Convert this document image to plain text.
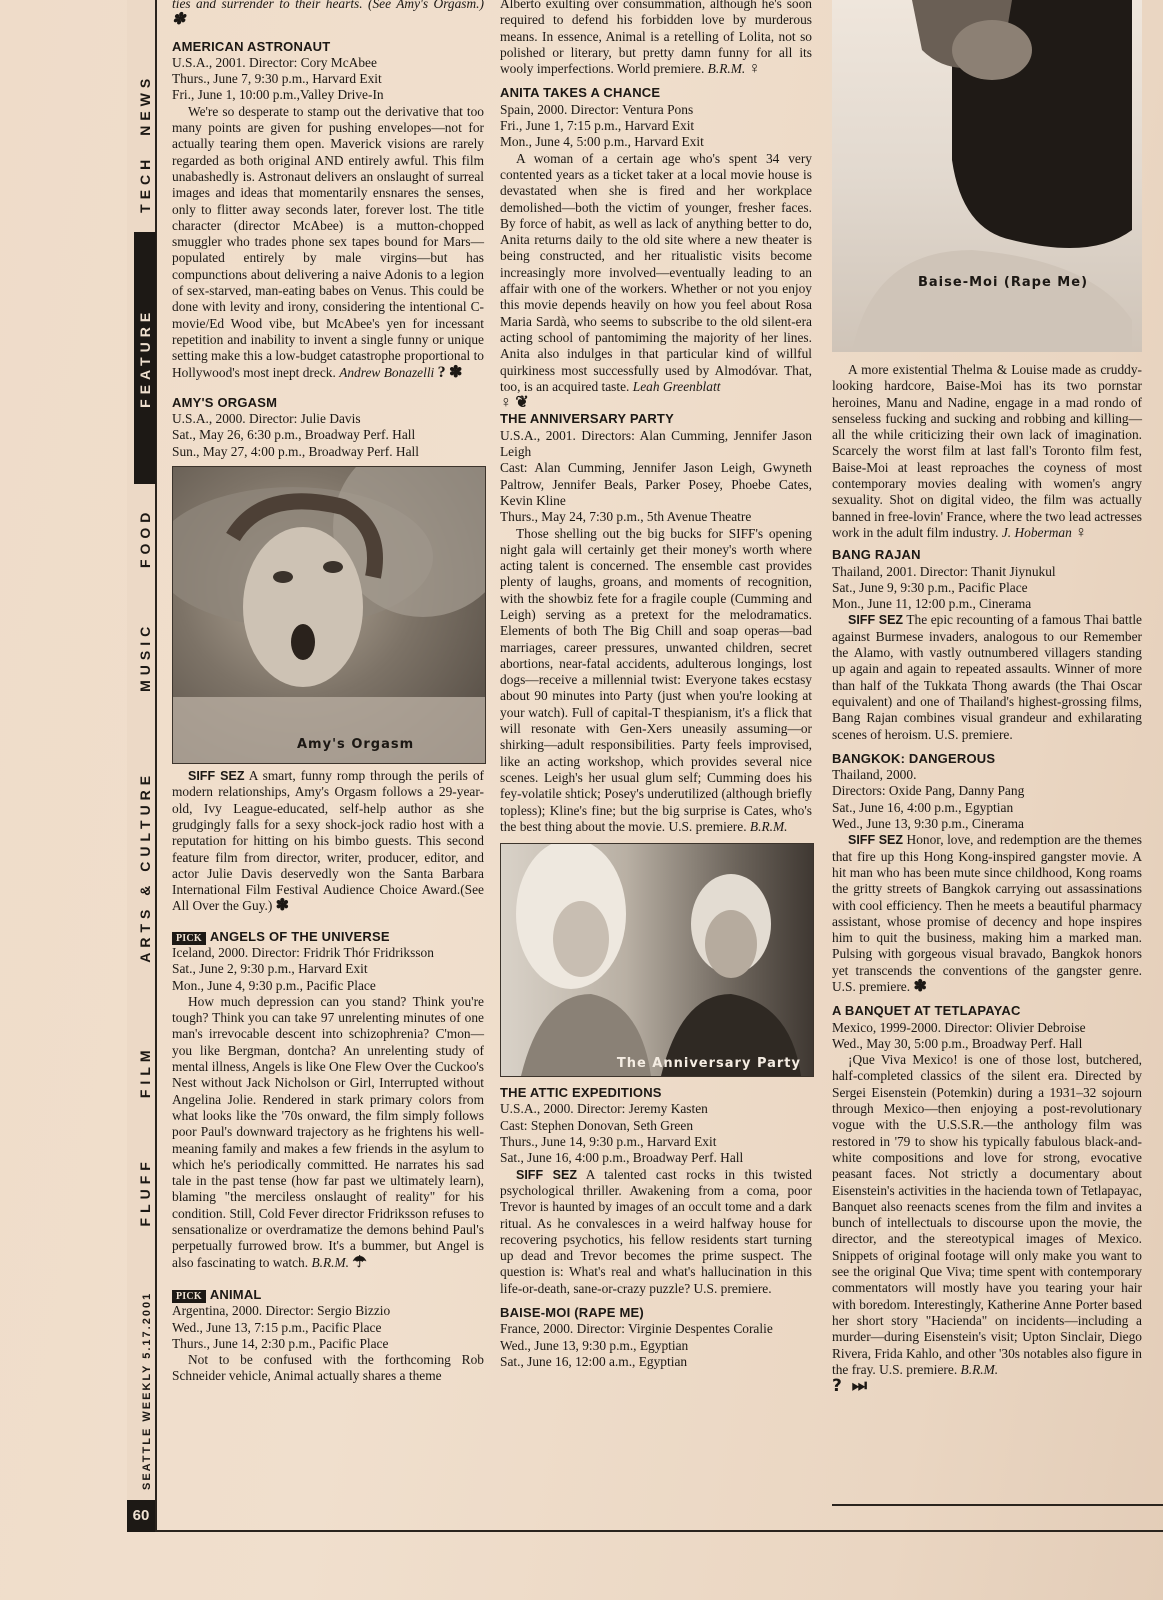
60
SEATTLE WEEKLY 5.17.2001
FLUFF
FILM
ARTS & CULTURE
MUSIC
FOOD
FEATURE
TECH
NEWS

ties and surrender to their hearts. (See Amy's Orgasm.) ✽

AMERICAN ASTRONAUT

U.S.A., 2001. Director: Cory McAbee

Thurs., June 7, 9:30 p.m., Harvard Exit

Fri., June 1, 10:00 p.m.,Valley Drive-In

We're so desperate to stamp out the derivative that too many points are given for pushing envelopes—not for actually tearing them open. Maverick visions are rarely regarded as both original AND entirely awful. This film unabashedly is. Astronaut delivers an onslaught of surreal images and ideas that momentarily ensnares the senses, only to flitter away seconds later, forever lost. The title character (director McAbee) is a mutton-chopped smuggler who trades phone sex tapes bound for Mars—populated entirely by male virgins—but has compunctions about delivering a naive Adonis to a legion of sex-starved, man-eating babes on Venus. This could be done with levity and irony, considering the intentional C-movie/Ed Wood vibe, but McAbee's yen for incessant repetition and inability to invent a single funny or unique setting make this a low-budget catastrophe proportional to Hollywood's most inept dreck. Andrew Bonazelli ? ✽

AMY'S ORGASM

U.S.A., 2000. Director: Julie Davis

Sat., May 26, 6:30 p.m., Broadway Perf. Hall

Sun., May 27, 4:00 p.m., Broadway Perf. Hall

Amy's Orgasm

SIFF SEZ A smart, funny romp through the perils of modern relationships, Amy's Orgasm follows a 29-year-old, Ivy League-educated, self-help author as she grudgingly falls for a sexy shock-jock radio host with a reputation for hitting on his bimbo guests. This second feature film from director, writer, producer, editor, and actor Julie Davis deservedly won the Santa Barbara International Film Festival Audience Choice Award.(See All Over the Guy.) ✽

PICK ANGELS OF THE UNIVERSE

Iceland, 2000. Director: Fridrik Thór Fridriksson

Sat., June 2, 9:30 p.m., Harvard Exit

Mon., June 4, 9:30 p.m., Pacific Place

How much depression can you stand? Think you're tough? Think you can take 97 unrelenting minutes of one man's irrevocable descent into schizophrenia? C'mon—you like Bergman, dontcha? An unrelenting study of mental illness, Angels is like One Flew Over the Cuckoo's Nest without Jack Nicholson or Girl, Interrupted without Angelina Jolie. Rendered in stark primary colors from what looks like the '70s onward, the film simply follows poor Paul's downward trajectory as he frightens his well-meaning family and makes a few friends in the asylum to which he's periodically committed. He narrates his sad tale in the past tense (how far past we ultimately learn), blaming "the merciless onslaught of reality" for his condition. Still, Cold Fever director Fridriksson refuses to sensationalize or overdramatize the demons behind Paul's perpetually furrowed brow. It's a bummer, but Angel is also fascinating to watch. B.R.M. ☂

PICK ANIMAL

Argentina, 2000. Director: Sergio Bizzio

Wed., June 13, 7:15 p.m., Pacific Place

Thurs., June 14, 2:30 p.m., Pacific Place

Not to be confused with the forthcoming Rob Schneider vehicle, Animal actually shares a theme

Alberto exulting over consummation, although he's soon required to defend his forbidden love by murderous means. In essence, Animal is a retelling of Lolita, not so polished or literary, but pretty damn funny for all its wooly imperfections. World premiere. B.R.M. ♀

ANITA TAKES A CHANCE

Spain, 2000. Director: Ventura Pons

Fri., June 1, 7:15 p.m., Harvard Exit

Mon., June 4, 5:00 p.m., Harvard Exit

A woman of a certain age who's spent 34 very contented years as a ticket taker at a local movie house is devastated when she is fired and her workplace demolished—both the victim of younger, fresher faces. By force of habit, as well as lack of anything better to do, Anita returns daily to the old site where a new theater is being constructed, and her ritualistic visits become increasingly more involved—eventually leading to an affair with one of the workers. Whether or not you enjoy this movie depends heavily on how you feel about Rosa Maria Sardà, who seems to subscribe to the old silent-era acting school of pantomiming the majority of her lines. Anita also indulges in that particular kind of willful quirkiness most successfully used by Almodóvar. That, too, is an acquired taste. Leah Greenblatt

♀ ❦

THE ANNIVERSARY PARTY

U.S.A., 2001. Directors: Alan Cumming, Jennifer Jason Leigh

Cast: Alan Cumming, Jennifer Jason Leigh, Gwyneth Paltrow, Jennifer Beals, Parker Posey, Phoebe Cates, Kevin Kline

Thurs., May 24, 7:30 p.m., 5th Avenue Theatre

Those shelling out the big bucks for SIFF's opening night gala will certainly get their money's worth where acting talent is concerned. The ensemble cast provides plenty of laughs, groans, and moments of recognition, with the showbiz fete for a fragile couple (Cumming and Leigh) serving as a pretext for the melodramatics. Elements of both The Big Chill and soap operas—bad marriages, career pressures, unwanted children, secret abortions, near-fatal accidents, adulterous longings, lost dogs—receive a millennial twist: Everyone takes ecstasy about 90 minutes into Party (just when you're looking at your watch). Full of capital-T thespianism, it's a flick that will resonate with Gen-Xers uneasily assuming—or shirking—adult responsibilities. Party feels improvised, like an acting workshop, which provides several nice scenes. Leigh's her usual glum self; Cumming does his fey-volatile shtick; Posey's underutilized (although briefly topless); Kline's fine; but the big surprise is Cates, who's the best thing about the movie. U.S. premiere. B.R.M.

The Anniversary Party
THE ATTIC EXPEDITIONS

U.S.A., 2000. Director: Jeremy Kasten

Cast: Stephen Donovan, Seth Green

Thurs., June 14, 9:30 p.m., Harvard Exit

Sat., June 16, 4:00 p.m., Broadway Perf. Hall

SIFF SEZ A talented cast rocks in this twisted psychological thriller. Awakening from a coma, poor Trevor is haunted by images of an occult tome and a dark ritual. As he convalesces in a weird halfway house for recovering psychotics, his fellow residents start turning up dead and Trevor becomes the prime suspect. The question is: What's real and what's hallucination in this life-or-death, sane-or-crazy puzzle? U.S. premiere.

BAISE-MOI (RAPE ME)

France, 2000. Director: Virginie Despentes Coralie

Wed., June 13, 9:30 p.m., Egyptian

Sat., June 16, 12:00 a.m., Egyptian

Baise-Moi (Rape Me)

A more existential Thelma & Louise made as cruddy-looking hardcore, Baise-Moi has its two pornstar heroines, Manu and Nadine, engage in a mad rondo of senseless fucking and sucking and robbing and killing—all the while criticizing their own lack of imagination. Scarcely the worst film at last fall's Toronto film fest, Baise-Moi at least reproaches the coyness of most contemporary movies dealing with women's angry sexuality. Shot on digital video, the film was actually banned in free-lovin' France, where the two lead actresses work in the adult film industry. J. Hoberman ♀

BANG RAJAN

Thailand, 2001. Director: Thanit Jiynukul

Sat., June 9, 9:30 p.m., Pacific Place

Mon., June 11, 12:00 p.m., Cinerama

SIFF SEZ The epic recounting of a famous Thai battle against Burmese invaders, analogous to our Remember the Alamo, with vastly outnumbered villagers standing up again and again to repeated assaults. Winner of more than half of the Tukkata Thong awards (the Thai Oscar equivalent) and one of Thailand's highest-grossing films, Bang Rajan combines visual grandeur and exhilarating scenes of heroism. U.S. premiere.

BANGKOK: DANGEROUS

Thailand, 2000.

Directors: Oxide Pang, Danny Pang

Sat., June 16, 4:00 p.m., Egyptian

Wed., June 13, 9:30 p.m., Cinerama

SIFF SEZ Honor, love, and redemption are the themes that fire up this Hong Kong-inspired gangster movie. A hit man who has been mute since childhood, Kong roams the gritty streets of Bangkok carrying out assassinations with cool efficiency. Then he meets a beautiful pharmacy assistant, whose promise of decency and hope inspires him to quit the business, making him a marked man. Pulsing with gorgeous visual bravado, Bangkok honors yet transcends the conventions of the gangster genre. U.S. premiere. ✽

A BANQUET AT TETLAPAYAC

Mexico, 1999-2000. Director: Olivier Debroise

Wed., May 30, 5:00 p.m., Broadway Perf. Hall

¡Que Viva Mexico! is one of those lost, butchered, half-completed classics of the silent era. Directed by Sergei Eisenstein (Potemkin) during a 1931–32 sojourn through Mexico—then enjoying a post-revolutionary vogue with the U.S.S.R.—the anthology film was restored in '79 to show his typically fabulous black-and-white compositions and love for strong, evocative peasant faces. Not strictly a documentary about Eisenstein's activities in the hacienda town of Tetlapayac, Banquet also reenacts scenes from the film and invites a bunch of intellectuals to discourse upon the movie, the director, and the stereotypical images of Mexico. Snippets of original footage will only make you want to see the original Que Viva; time spent with contemporary commentators will mostly have you tearing your hair with boredom. Interestingly, Katherine Anne Porter based her short story "Hacienda" on incidents—including a murder—during Eisenstein's visit; Upton Sinclair, Diego Rivera, Frida Kahlo, and other '30s notables also figure in the fray. U.S. premiere. B.R.M.

? ⏭
